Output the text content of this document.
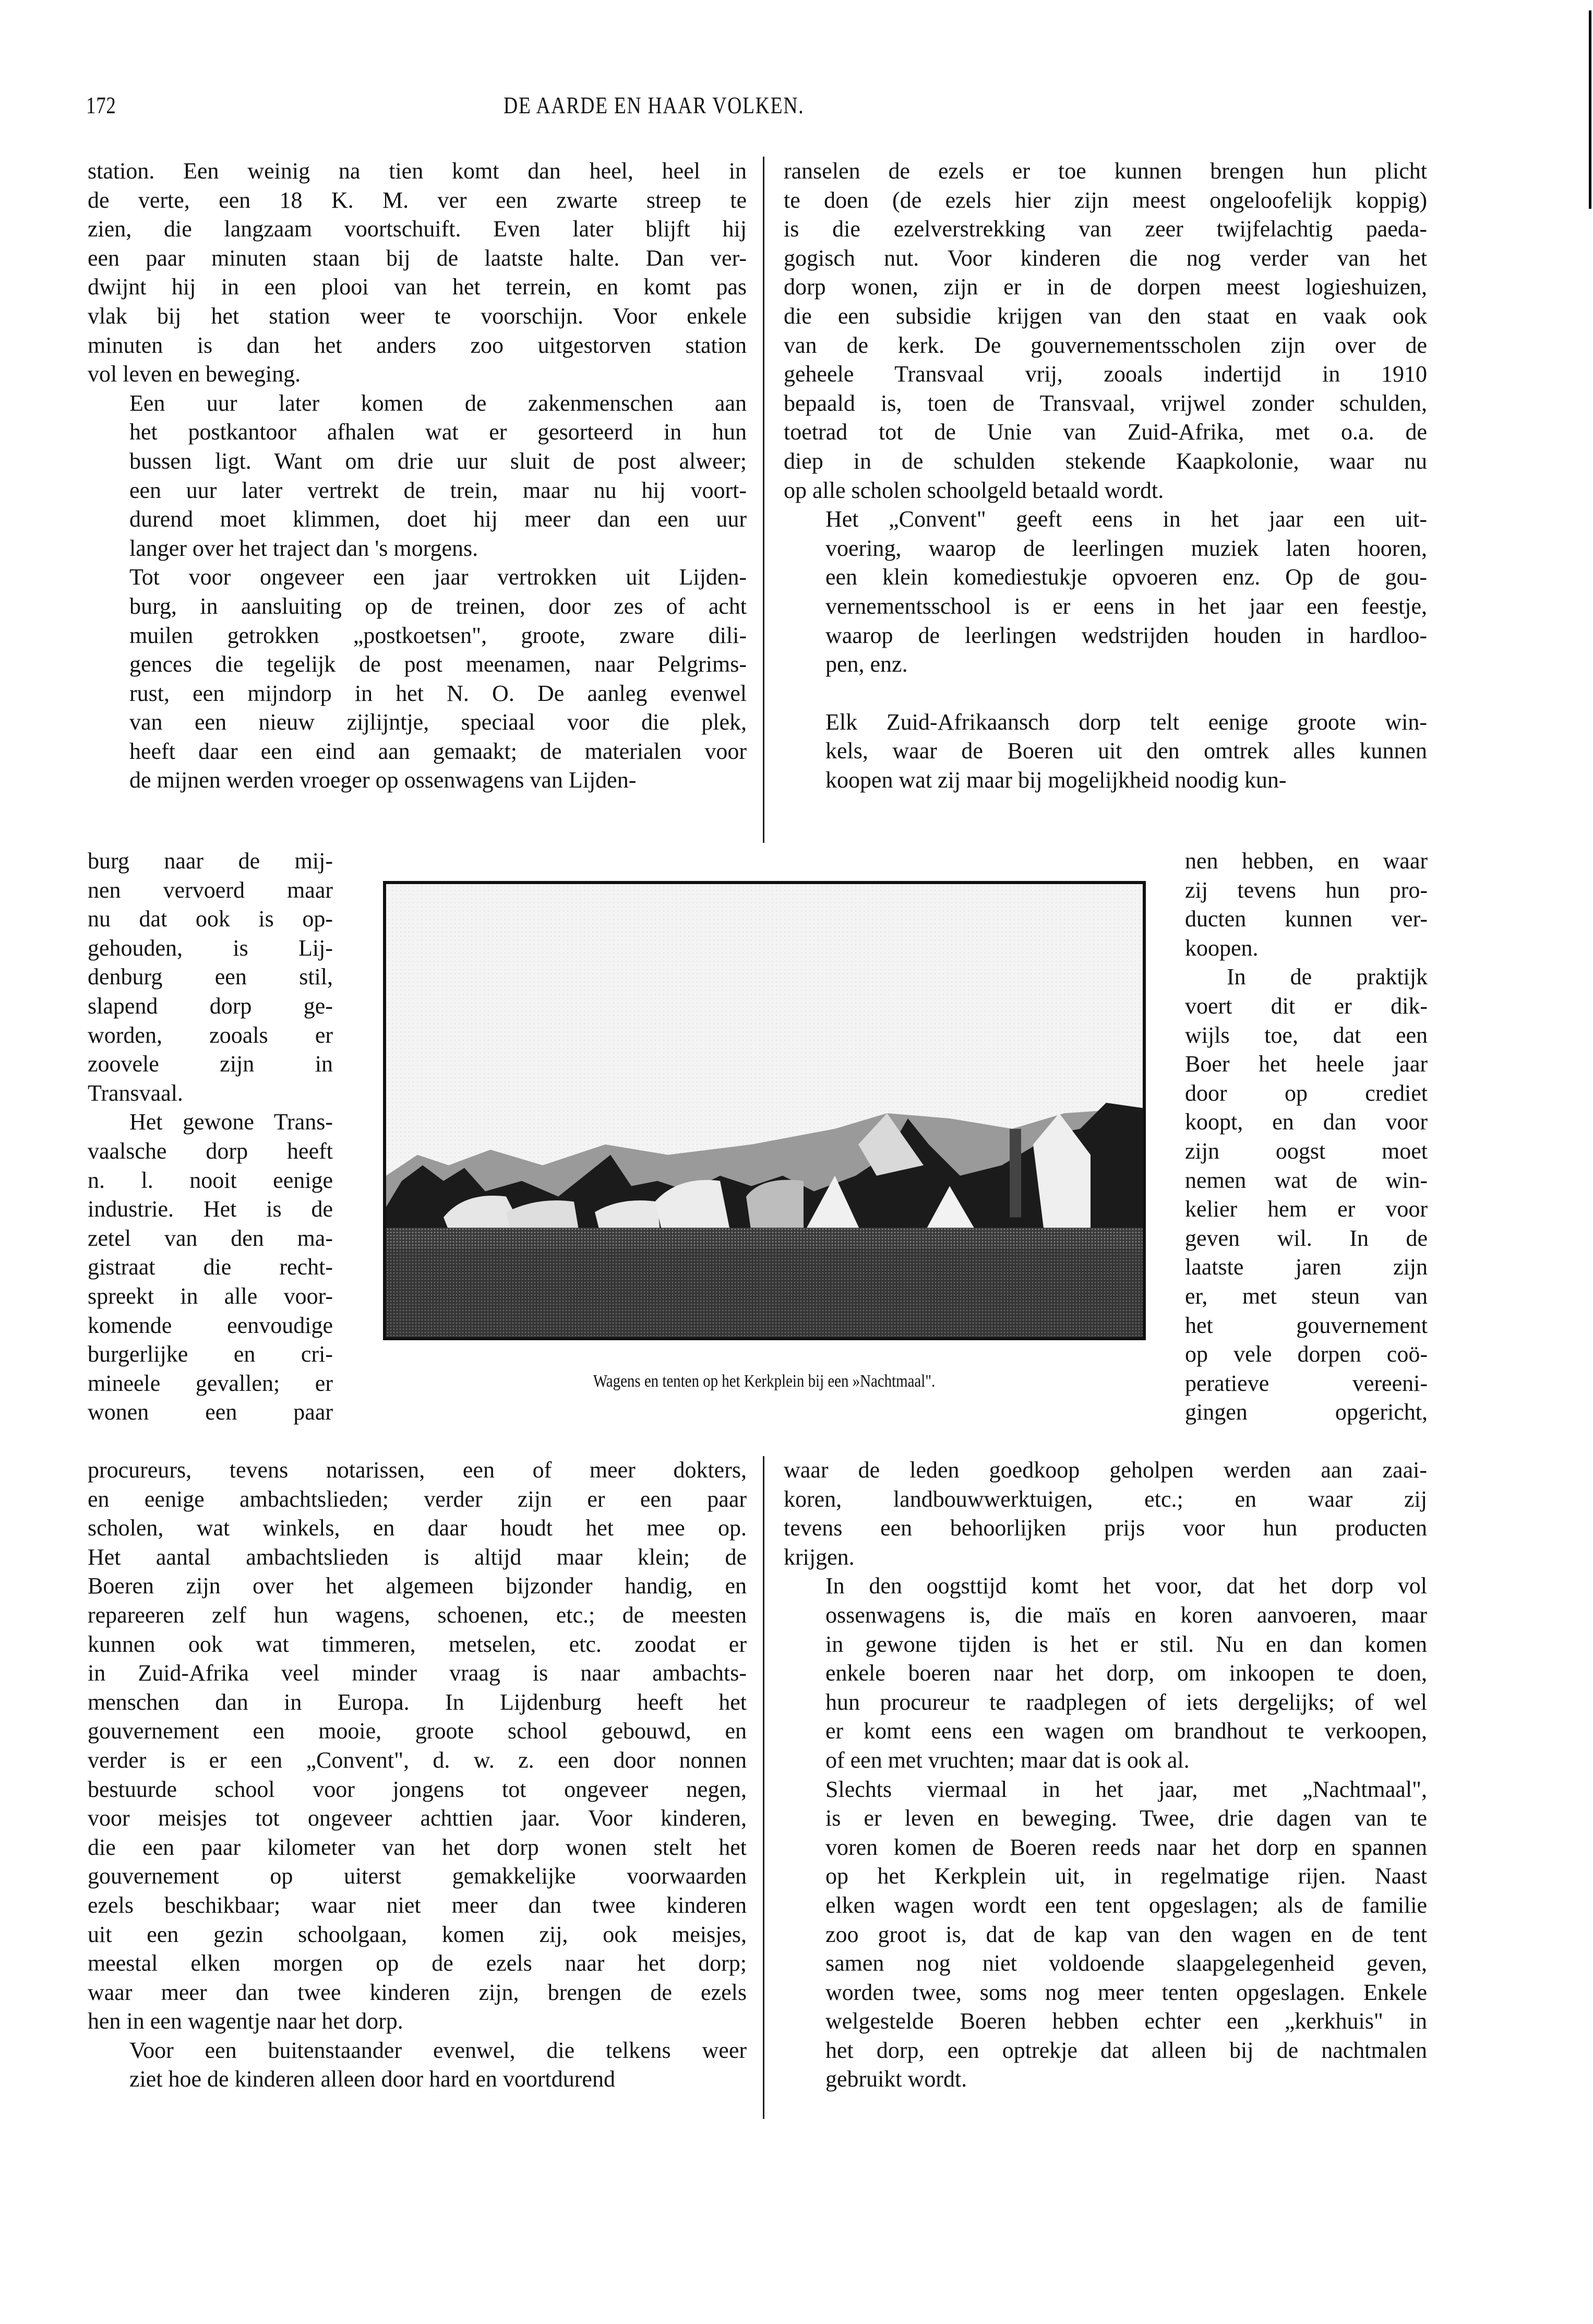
172	DE AARDE EN HAAR VOLKEN.

station. Een weinig na tien komt dan heel, heel in
de verte, een 18 K. M. ver een zwarte streep te
zien, die langzaam voortschuift. Even later blijft hij
een paar minuten staan bij de laatste halte. Dan ver-
dwijnt hij in een plooi van het terrein, en komt pas
vlak bij het station weer te voorschijn. Voor enkele
minuten is dan het anders zoo uitgestorven station
vol leven en beweging.

Een uur later komen de zakenmenschen aan
het postkantoor afhalen wat er gesorteerd in hun
bussen ligt. Want om drie uur sluit de post alweer;
een uur later vertrekt de trein, maar nu hij voort-
durend moet klimmen, doet hij meer dan een uur
langer over het traject dan 's morgens.

Tot voor ongeveer een jaar vertrokken uit Lijden-
burg, in aansluiting op de treinen, door zes of acht
muilen getrokken „postkoetsen", groote, zware dili-
gences die tegelijk de post meenamen, naar Pelgrims-
rust, een mijndorp in het N. O. De aanleg evenwel
van een nieuw zijlijntje, speciaal voor die plek,
heeft daar een eind aan gemaakt; de materialen voor
de mijnen werden vroeger op ossenwagens van Lijden-

burg naar de mij-
nen vervoerd maar
nu dat ook is op-
gehouden, is Lij-
denburg een stil,
slapend dorp ge-
worden, zooals er
zoovele zijn in
Transvaal.
Het gewone Trans-
vaalsche dorp heeft
n. l. nooit eenige
industrie. Het is de
zetel van den ma-
gistraat die recht-
spreekt in alle voor-
komende eenvoudige
burgerlijke en cri-
mineele gevallen; er
wonen een paar

procureurs, tevens notarissen, een of meer dokters,
en eenige ambachtslieden; verder zijn er een paar
scholen, wat winkels, en daar houdt het mee op.
Het aantal ambachtslieden is altijd maar klein; de
Boeren zijn over het algemeen bijzonder handig, en
repareeren zelf hun wagens, schoenen, etc.; de meesten
kunnen ook wat timmeren, metselen, etc. zoodat er
in Zuid-Afrika veel minder vraag is naar ambachts-
menschen dan in Europa. In Lijdenburg heeft het
gouvernement een mooie, groote school gebouwd, en
verder is er een „Convent", d. w. z. een door nonnen
bestuurde school voor jongens tot ongeveer negen,
voor meisjes tot ongeveer achttien jaar. Voor kinderen,
die een paar kilometer van het dorp wonen stelt het
gouvernement op uiterst gemakkelijke voorwaarden
ezels beschikbaar; waar niet meer dan twee kinderen
uit een gezin schoolgaan, komen zij, ook meisjes,
meestal elken morgen op de ezels naar het dorp;
waar meer dan twee kinderen zijn, brengen de ezels
hen in een wagentje naar het dorp.

Voor een buitenstaander evenwel, die telkens weer
ziet hoe de kinderen alleen door hard en voortdurend

ranselen de ezels er toe kunnen brengen hun plicht
te doen (de ezels hier zijn meest ongeloofelijk koppig)
is die ezelverstrekking van zeer twijfelachtig paeda-
gogisch nut. Voor kinderen die nog verder van het
dorp wonen, zijn er in de dorpen meest logieshuizen,
die een subsidie krijgen van den staat en vaak ook
van de kerk. De gouvernementsscholen zijn over de
geheele Transvaal vrij, zooals indertijd in 1910
bepaald is, toen de Transvaal, vrijwel zonder schulden,
toetrad tot de Unie van Zuid-Afrika, met o.a. de
diep in de schulden stekende Kaapkolonie, waar nu
op alle scholen schoolgeld betaald wordt.

Het „Convent" geeft eens in het jaar een uit-
voering, waarop de leerlingen muziek laten hooren,
een klein komediestukje opvoeren enz. Op de gou-
vernementsschool is er eens in het jaar een feestje,
waarop de leerlingen wedstrijden houden in hardloo-
pen, enz.

Elk Zuid-Afrikaansch dorp telt eenige groote win-
kels, waar de Boeren uit den omtrek alles kunnen
koopen wat zij maar bij mogelijkheid noodig kun-

nen hebben, en waar
zij tevens hun pro-
ducten kunnen ver-
koopen.
In de praktijk
voert dit er dik-
wijls toe, dat een
Boer het heele jaar
door op crediet
koopt, en dan voor
zijn oogst moet
nemen wat de win-
kelier hem er voor
geven wil. In de
laatste jaren zijn
er, met steun van
het gouvernement
op vele dorpen coö-
peratieve vereeni-
gingen opgericht,

waar de leden goedkoop geholpen werden aan zaai-
koren, landbouwwerktuigen, etc.; en waar zij
tevens een behoorlijken prijs voor hun producten
krijgen.

In den oogsttijd komt het voor, dat het dorp vol
ossenwagens is, die maïs en koren aanvoeren, maar
in gewone tijden is het er stil. Nu en dan komen
enkele boeren naar het dorp, om inkoopen te doen,
hun procureur te raadplegen of iets dergelijks; of wel
er komt eens een wagen om brandhout te verkoopen,
of een met vruchten; maar dat is ook al.

Slechts viermaal in het jaar, met „Nachtmaal",
is er leven en beweging. Twee, drie dagen van te
voren komen de Boeren reeds naar het dorp en spannen
op het Kerkplein uit, in regelmatige rijen. Naast
elken wagen wordt een tent opgeslagen; als de familie
zoo groot is, dat de kap van den wagen en de tent
samen nog niet voldoende slaapgelegenheid geven,
worden twee, soms nog meer tenten opgeslagen. Enkele
welgestelde Boeren hebben echter een „kerkhuis" in
het dorp, een optrekje dat alleen bij de nachtmalen
gebruikt wordt.

Wagens en tenten op het Kerkplein bij een »Nachtmaal".
